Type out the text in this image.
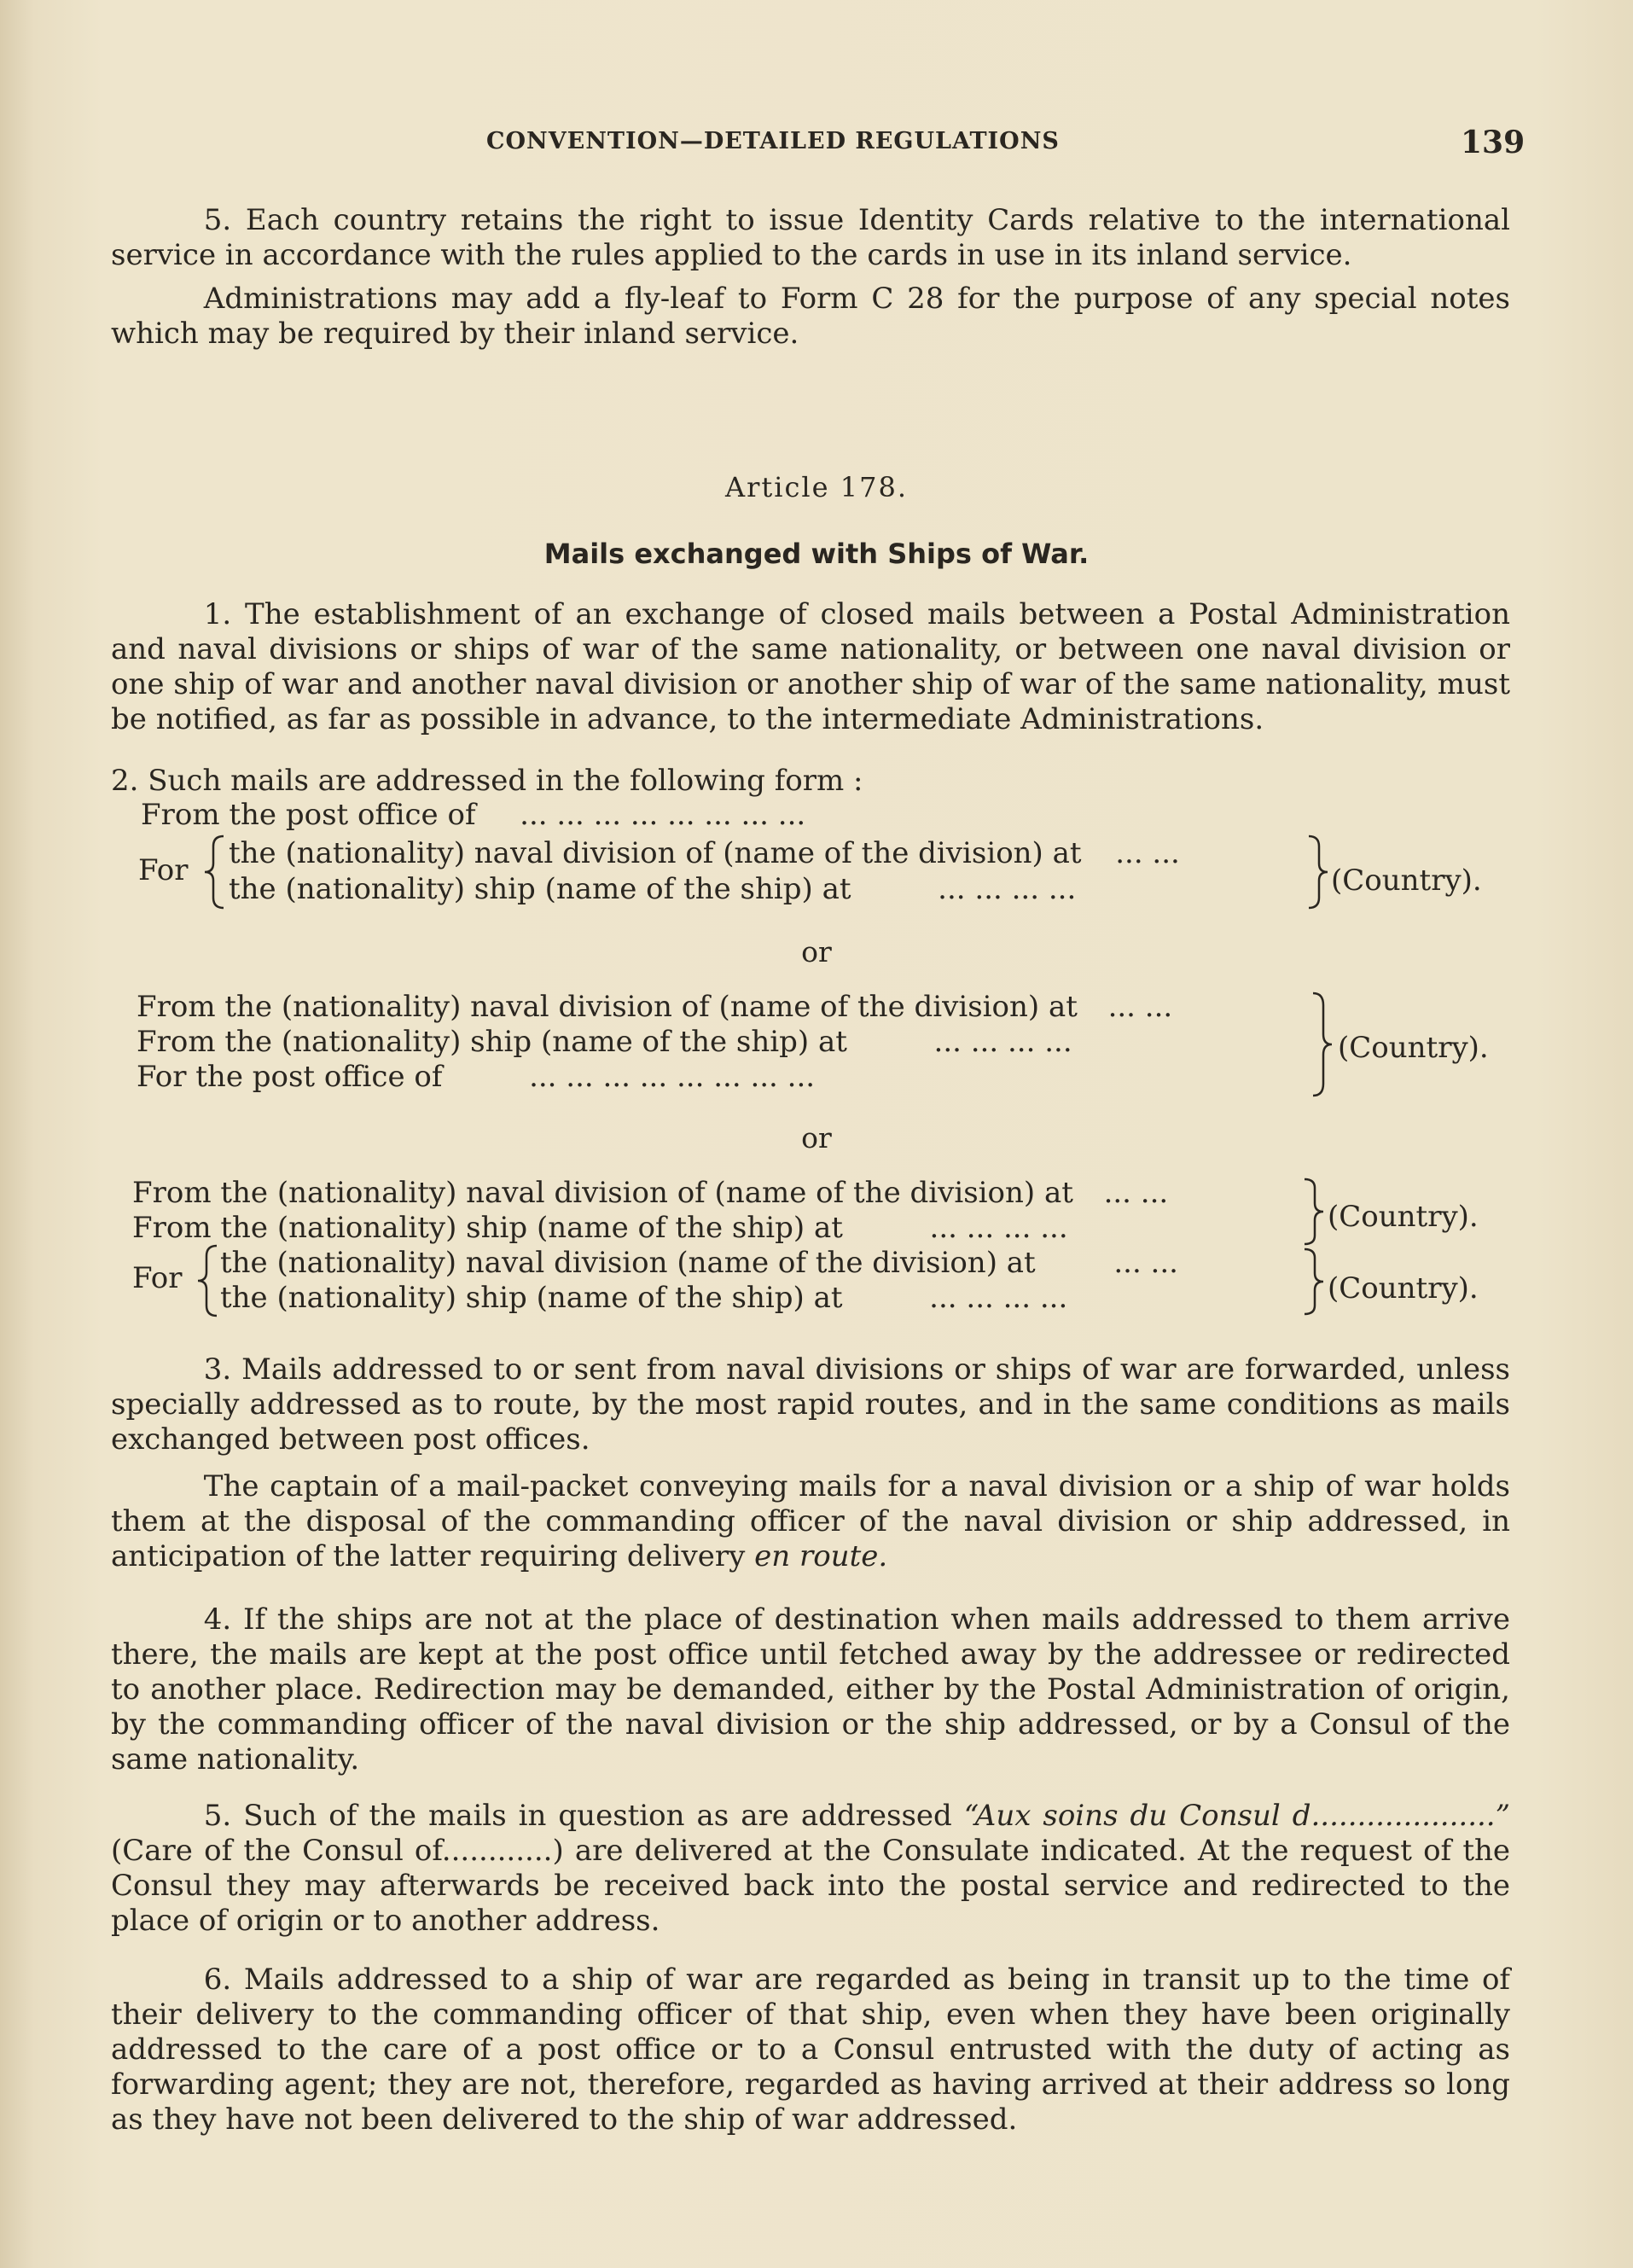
CONVENTION—DETAILED REGULATIONS	139
5. Each country retains the right to issue Identity Cards relative to the international service in accordance with the rules applied to the cards in use in its inland service.
Administrations may add a fly-leaf to Form C 28 for the purpose of any special notes which may be required by their inland service.
Article 178.
Mails exchanged with Ships of War.
1. The establishment of an exchange of closed mails between a Postal Administration and naval divisions or ships of war of the same nationality, or between one naval division or one ship of war and another naval division or another ship of war of the same nationality, must be notified, as far as possible in advance, to the intermediate Administrations.
2. Such mails are addressed in the following form :
From the post office of ... ... ... ... ... ... ... ...
For the (nationality) naval division of (name of the division) at ... ...
the (nationality) ship (name of the ship) at	... ... ... ...	(Country).
or
From the (nationality) naval division of (name of the division) at ... ...
From the (nationality) ship (name of the ship) at	... ... ... ...
For the post office of	... ... ... ... ... ... ... ...
(Country).
or
From the (nationality) naval division of (name of the division) at ... ...
From the (nationality) ship (name of the ship) at	... ... ... ...	(Country).
For the (nationality) naval division (name of the division) at	... ...
the (nationality) ship (name of the ship) at	... ... ... ...	(Country).
3. Mails addressed to or sent from naval divisions or ships of war are forwarded, unless specially addressed as to route, by the most rapid routes, and in the same conditions as mails exchanged between post offices.
The captain of a mail-packet conveying mails for a naval division or a ship of war holds them at the disposal of the commanding officer of the naval division or ship addressed, in anticipation of the latter requiring delivery en route.
4. If the ships are not at the place of destination when mails addressed to them arrive there, the mails are kept at the post office until fetched away by the addressee or redirected to another place. Redirection may be demanded, either by the Postal Administration of origin, by the commanding officer of the naval division or the ship addressed, or by a Consul of the same nationality.
5. Such of the mails in question as are addressed “Aux soins du Consul d....................” (Care of the Consul of............) are delivered at the Consulate indicated. At the request of the Consul they may afterwards be received back into the postal service and redirected to the place of origin or to another address.
6. Mails addressed to a ship of war are regarded as being in transit up to the time of their delivery to the commanding officer of that ship, even when they have been originally addressed to the care of a post office or to a Consul entrusted with the duty of acting as forwarding agent; they are not, therefore, regarded as having arrived at their address so long as they have not been delivered to the ship of war addressed.
